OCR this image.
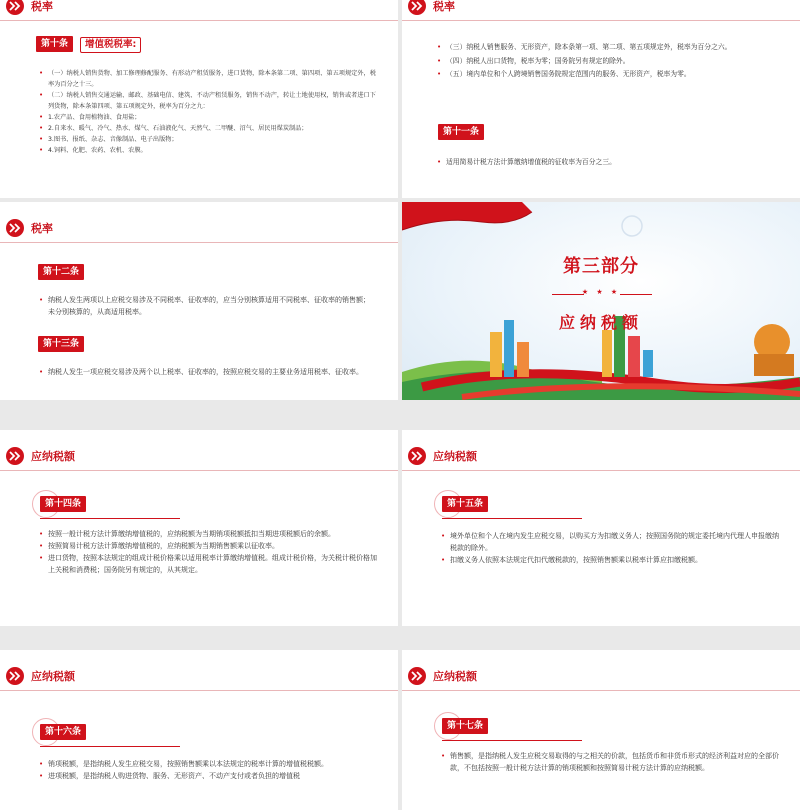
税率
第十条	增值税税率:

• （一）纳税人销售货物、加工修理修配服务、有形动产租赁服务，进口货物，除本条第二项、第四项、第五项规定外，税率为百分之十三。

• （二）纳税人销售交通运输、邮政、基础电信、建筑、不动产租赁服务，销售不动产，转让土地使用权，销售或者进口下列货物，除本条第四项、第五项规定外，税率为百分之九：

• 1.农产品、食用植物油、食用盐；

• 2.自来水、暖气、冷气、热水、煤气、石油液化气、天然气、二甲醚、沼气、居民用煤炭制品；

• 3.图书、报纸、杂志、音像制品、电子出版物；

• 4.饲料、化肥、农药、农机、农膜。

税率

• （三）纳税人销售服务、无形资产，除本条第一项、第二项、第五项规定外，税率为百分之六。

• （四）纳税人出口货物，税率为零；国务院另有规定的除外。

• （五）境内单位和个人跨境销售国务院规定范围内的服务、无形资产，税率为零。

第十一条

• 适用简易计税方法计算缴纳增值税的征收率为百分之三。

税率
第十二条

• 纳税人发生两项以上应税交易涉及不同税率、征收率的，应当分别核算适用不同税率、征收率的销售额；未分别核算的，从高适用税率。

第十三条

• 纳税人发生一项应税交易涉及两个以上税率、征收率的，按照应税交易的主要业务适用税率、征收率。

第三部分
★ ★ ★
应纳税额
应纳税额
第十四条

• 按照一般计税方法计算缴纳增值税的，应纳税额为当期销项税额抵扣当期进项税额后的余额。

• 按照简易计税方法计算缴纳增值税的，应纳税额为当期销售额乘以征收率。

• 进口货物，按照本法规定的组成计税价格乘以适用税率计算缴纳增值税。组成计税价格，为关税计税价格加上关税和消费税；国务院另有规定的，从其规定。

应纳税额
第十五条

• 境外单位和个人在境内发生应税交易，以购买方为扣缴义务人；按照国务院的规定委托境内代理人申报缴纳税款的除外。

• 扣缴义务人依照本法规定代扣代缴税款的，按照销售额乘以税率计算应扣缴税额。

应纳税额
第十六条

• 销项税额，是指纳税人发生应税交易，按照销售额乘以本法规定的税率计算的增值税税额。

• 进项税额，是指纳税人购进货物、服务、无形资产、不动产支付或者负担的增值税

应纳税额
第十七条

• 销售额，是指纳税人发生应税交易取得的与之相关的价款，包括货币和非货币形式的经济利益对应的全部价款，不包括按照一般计税方法计算的销项税额和按照简易计税方法计算的应纳税额。
